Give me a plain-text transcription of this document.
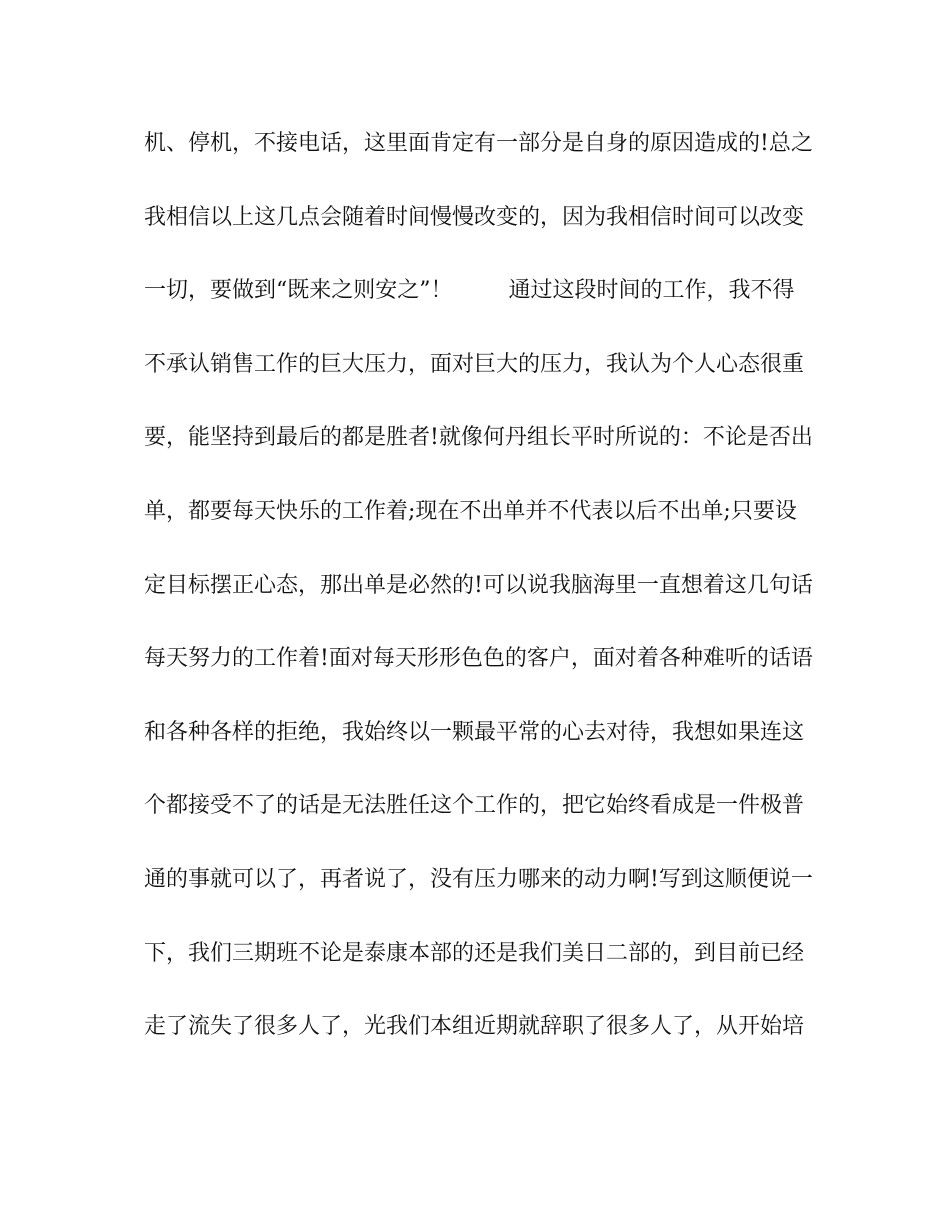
机、停机，不接电话，这里面肯定有一部分是自身的原因造成的!总之
我相信以上这几点会随着时间慢慢改变的，因为我相信时间可以改变
一切，要做到“既来之则安之”！        通过这段时间的工作，我不得
不承认销售工作的巨大压力，面对巨大的压力，我认为个人心态很重
要，能坚持到最后的都是胜者!就像何丹组长平时所说的：不论是否出
单，都要每天快乐的工作着;现在不出单并不代表以后不出单;只要设
定目标摆正心态，那出单是必然的!可以说我脑海里一直想着这几句话
每天努力的工作着!面对每天形形色色的客户，面对着各种难听的话语
和各种各样的拒绝，我始终以一颗最平常的心去对待，我想如果连这
个都接受不了的话是无法胜任这个工作的，把它始终看成是一件极普
通的事就可以了，再者说了，没有压力哪来的动力啊!写到这顺便说一
下，我们三期班不论是泰康本部的还是我们美日二部的，到目前已经
走了流失了很多人了，光我们本组近期就辞职了很多人了，从开始培
